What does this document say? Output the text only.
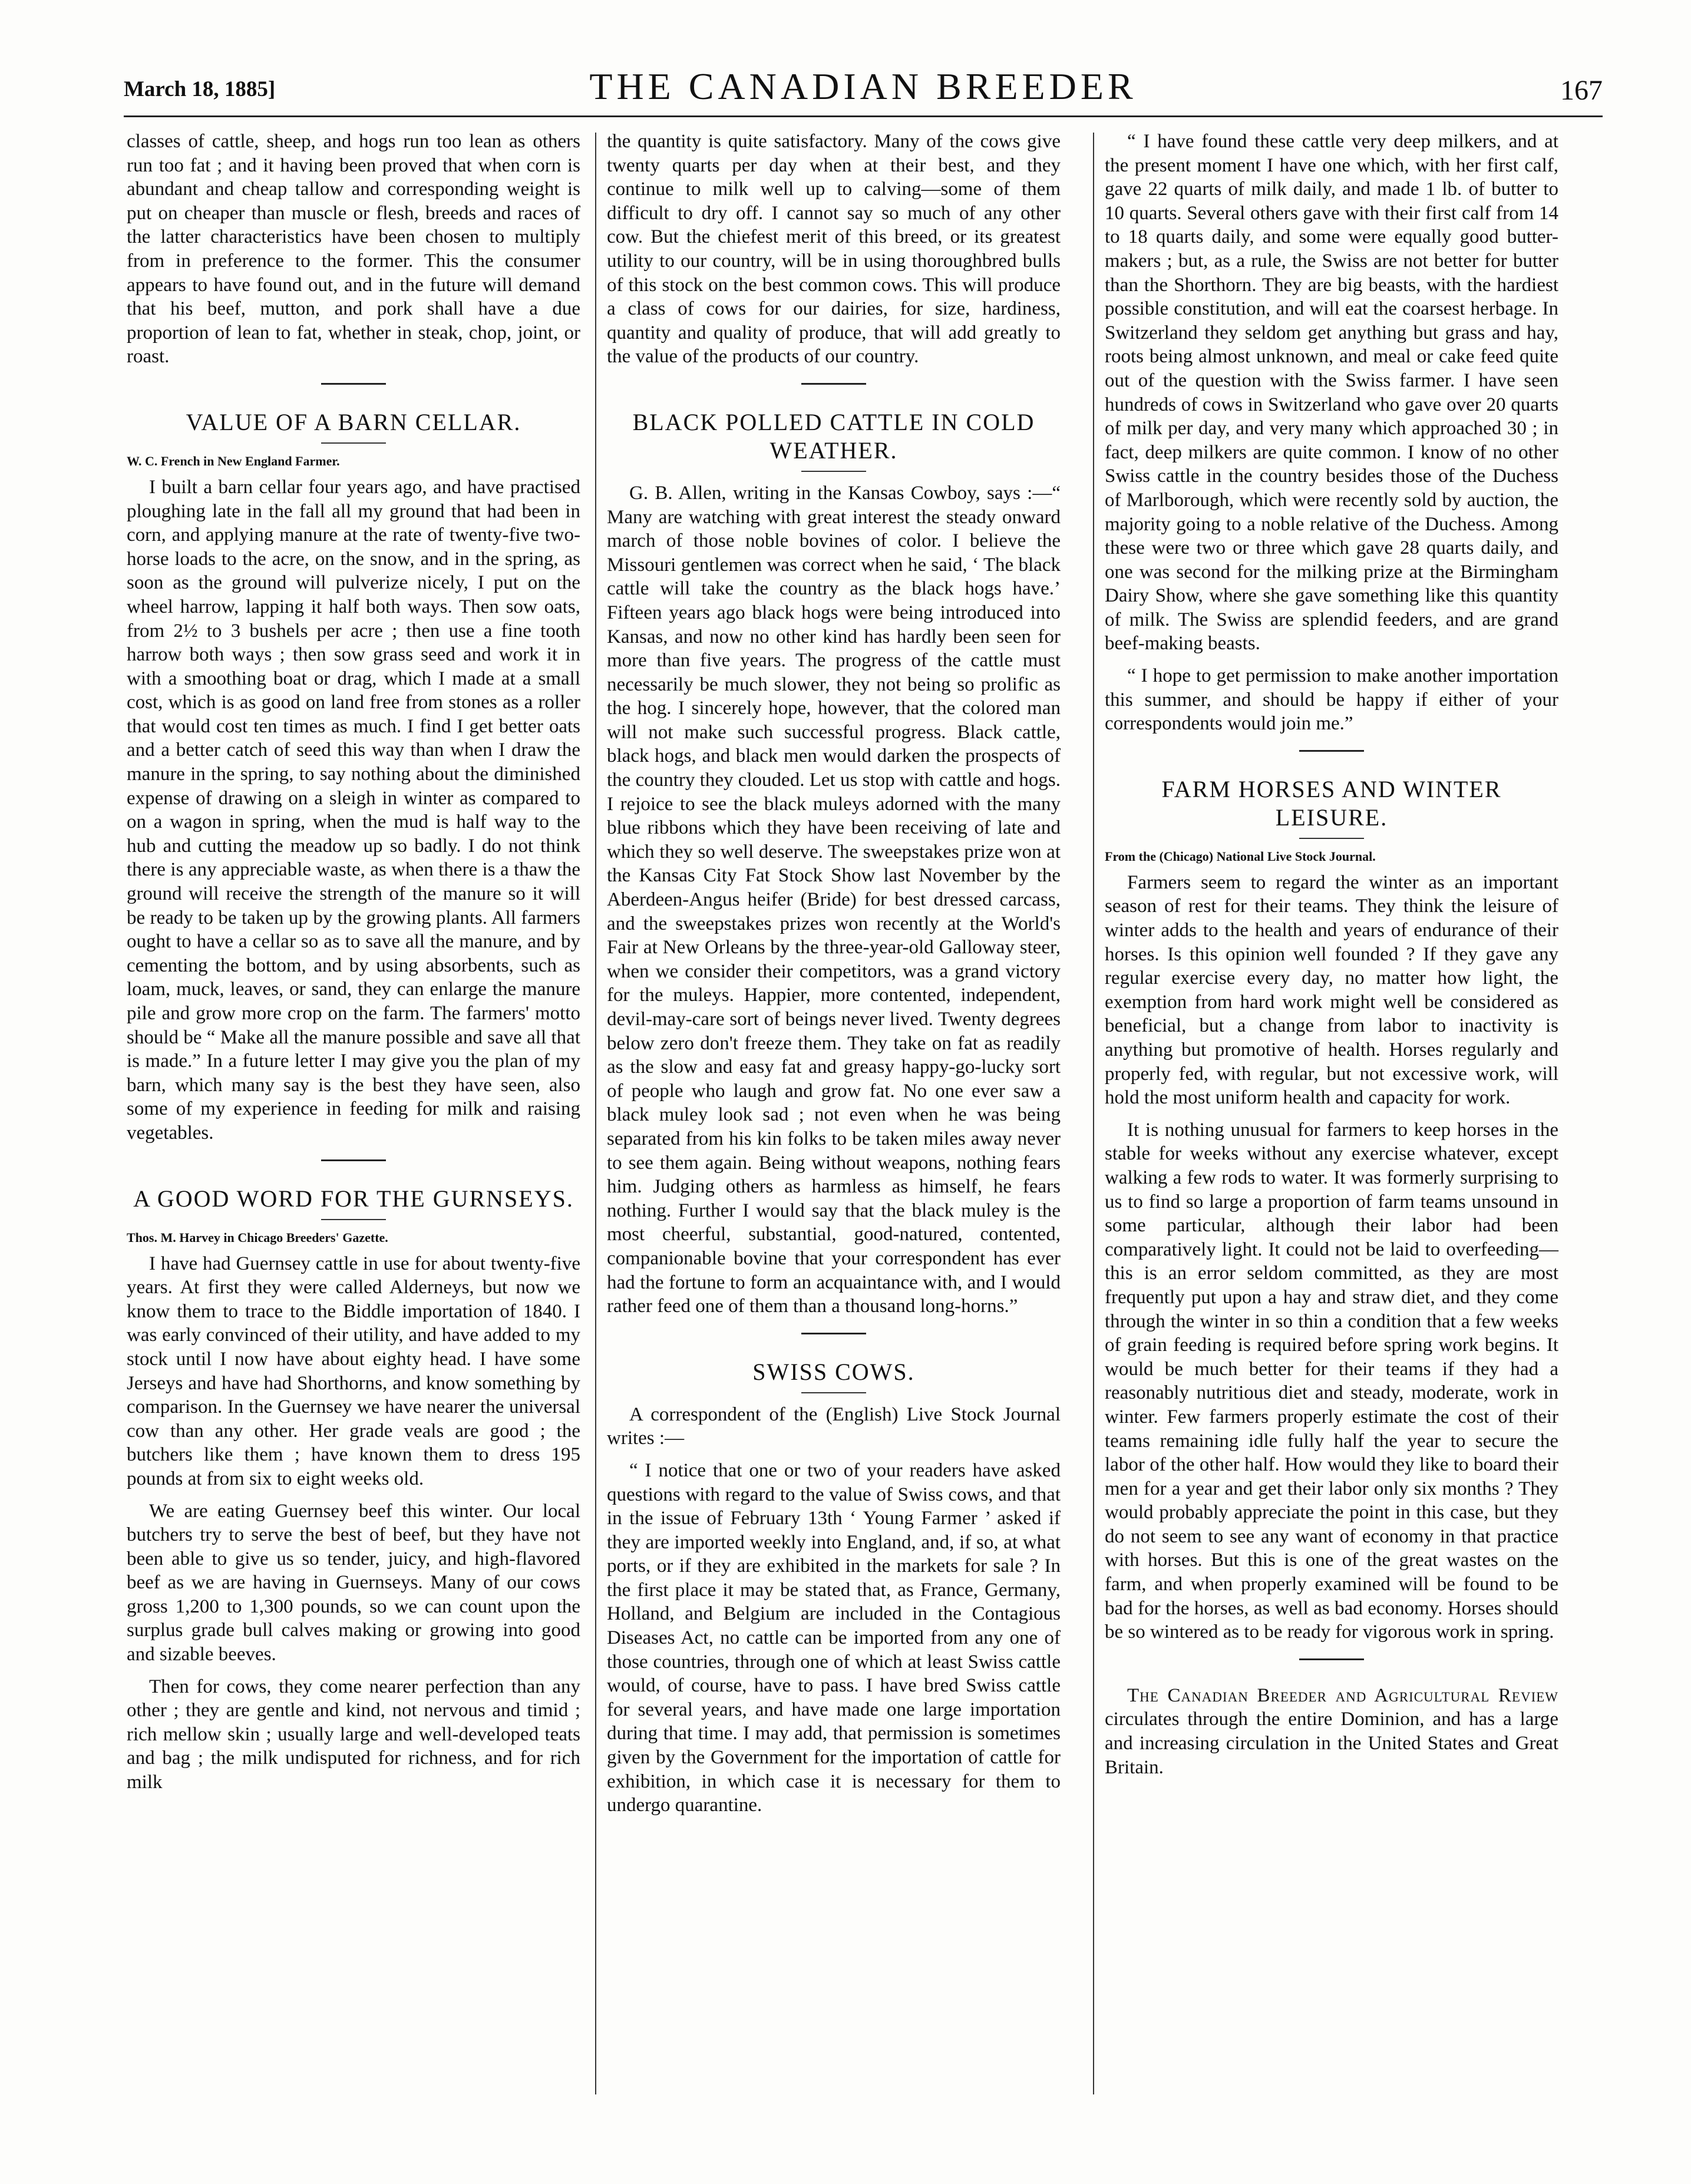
March 18, 1885]	THE CANADIAN BREEDER	167

classes of cattle, sheep, and hogs run too lean as others run too fat ; and it having been proved that when corn is abundant and cheap tallow and corresponding weight is put on cheaper than muscle or flesh, breeds and races of the latter characteristics have been chosen to multiply from in preference to the former. This the consumer appears to have found out, and in the future will demand that his beef, mutton, and pork shall have a due proportion of lean to fat, whether in steak, chop, joint, or roast.

VALUE OF A BARN CELLAR.
W. C. French in New England Farmer.

I built a barn cellar four years ago, and have practised ploughing late in the fall all my ground that had been in corn, and applying manure at the rate of twenty-five two-horse loads to the acre, on the snow, and in the spring, as soon as the ground will pulverize nicely, I put on the wheel harrow, lapping it half both ways. Then sow oats, from 2½ to 3 bushels per acre ; then use a fine tooth harrow both ways ; then sow grass seed and work it in with a smoothing boat or drag, which I made at a small cost, which is as good on land free from stones as a roller that would cost ten times as much. I find I get better oats and a better catch of seed this way than when I draw the manure in the spring, to say nothing about the diminished expense of drawing on a sleigh in winter as compared to on a wagon in spring, when the mud is half way to the hub and cutting the meadow up so badly. I do not think there is any appreciable waste, as when there is a thaw the ground will receive the strength of the manure so it will be ready to be taken up by the growing plants. All farmers ought to have a cellar so as to save all the manure, and by cementing the bottom, and by using absorbents, such as loam, muck, leaves, or sand, they can enlarge the manure pile and grow more crop on the farm. The farmers' motto should be “ Make all the manure possible and save all that is made.” In a future letter I may give you the plan of my barn, which many say is the best they have seen, also some of my experience in feeding for milk and raising vegetables.

A GOOD WORD FOR THE GURNSEYS.
Thos. M. Harvey in Chicago Breeders' Gazette.

I have had Guernsey cattle in use for about twenty-five years. At first they were called Alderneys, but now we know them to trace to the Biddle importation of 1840. I was early convinced of their utility, and have added to my stock until I now have about eighty head. I have some Jerseys and have had Shorthorns, and know something by comparison. In the Guernsey we have nearer the universal cow than any other. Her grade veals are good ; the butchers like them ; have known them to dress 195 pounds at from six to eight weeks old.

We are eating Guernsey beef this winter. Our local butchers try to serve the best of beef, but they have not been able to give us so tender, juicy, and high-flavored beef as we are having in Guernseys. Many of our cows gross 1,200 to 1,300 pounds, so we can count upon the surplus grade bull calves making or growing into good and sizable beeves.

Then for cows, they come nearer perfection than any other ; they are gentle and kind, not nervous and timid ; rich mellow skin ; usually large and well-developed teats and bag ; the milk undisputed for richness, and for rich milk

the quantity is quite satisfactory. Many of the cows give twenty quarts per day when at their best, and they continue to milk well up to calving—some of them difficult to dry off. I cannot say so much of any other cow. But the chiefest merit of this breed, or its greatest utility to our country, will be in using thoroughbred bulls of this stock on the best common cows. This will produce a class of cows for our dairies, for size, hardiness, quantity and quality of produce, that will add greatly to the value of the products of our country.

BLACK POLLED CATTLE IN COLD WEATHER.

G. B. Allen, writing in the Kansas Cowboy, says :—“ Many are watching with great interest the steady onward march of those noble bovines of color. I believe the Missouri gentlemen was correct when he said, ‘ The black cattle will take the country as the black hogs have.’ Fifteen years ago black hogs were being introduced into Kansas, and now no other kind has hardly been seen for more than five years. The progress of the cattle must necessarily be much slower, they not being so prolific as the hog. I sincerely hope, however, that the colored man will not make such successful progress. Black cattle, black hogs, and black men would darken the prospects of the country they clouded. Let us stop with cattle and hogs. I rejoice to see the black muleys adorned with the many blue ribbons which they have been receiving of late and which they so well deserve. The sweepstakes prize won at the Kansas City Fat Stock Show last November by the Aberdeen-Angus heifer (Bride) for best dressed carcass, and the sweepstakes prizes won recently at the World's Fair at New Orleans by the three-year-old Galloway steer, when we consider their competitors, was a grand victory for the muleys. Happier, more contented, independent, devil-may-care sort of beings never lived. Twenty degrees below zero don't freeze them. They take on fat as readily as the slow and easy fat and greasy happy-go-lucky sort of people who laugh and grow fat. No one ever saw a black muley look sad ; not even when he was being separated from his kin folks to be taken miles away never to see them again. Being without weapons, nothing fears him. Judging others as harmless as himself, he fears nothing. Further I would say that the black muley is the most cheerful, substantial, good-natured, contented, companionable bovine that your correspondent has ever had the fortune to form an acquaintance with, and I would rather feed one of them than a thousand long-horns.”

SWISS COWS.

A correspondent of the (English) Live Stock Journal writes :—

“ I notice that one or two of your readers have asked questions with regard to the value of Swiss cows, and that in the issue of February 13th ‘ Young Farmer ’ asked if they are imported weekly into England, and, if so, at what ports, or if they are exhibited in the markets for sale ? In the first place it may be stated that, as France, Germany, Holland, and Belgium are included in the Contagious Diseases Act, no cattle can be imported from any one of those countries, through one of which at least Swiss cattle would, of course, have to pass. I have bred Swiss cattle for several years, and have made one large importation during that time. I may add, that permission is sometimes given by the Government for the importation of cattle for exhibition, in which case it is necessary for them to undergo quarantine.

“ I have found these cattle very deep milkers, and at the present moment I have one which, with her first calf, gave 22 quarts of milk daily, and made 1 lb. of butter to 10 quarts. Several others gave with their first calf from 14 to 18 quarts daily, and some were equally good butter-makers ; but, as a rule, the Swiss are not better for butter than the Shorthorn. They are big beasts, with the hardiest possible constitution, and will eat the coarsest herbage. In Switzerland they seldom get anything but grass and hay, roots being almost unknown, and meal or cake feed quite out of the question with the Swiss farmer. I have seen hundreds of cows in Switzerland who gave over 20 quarts of milk per day, and very many which approached 30 ; in fact, deep milkers are quite common. I know of no other Swiss cattle in the country besides those of the Duchess of Marlborough, which were recently sold by auction, the majority going to a noble relative of the Duchess. Among these were two or three which gave 28 quarts daily, and one was second for the milking prize at the Birmingham Dairy Show, where she gave something like this quantity of milk. The Swiss are splendid feeders, and are grand beef-making beasts.

“ I hope to get permission to make another importation this summer, and should be happy if either of your correspondents would join me.”

FARM HORSES AND WINTER LEISURE.
From the (Chicago) National Live Stock Journal.

Farmers seem to regard the winter as an important season of rest for their teams. They think the leisure of winter adds to the health and years of endurance of their horses. Is this opinion well founded ? If they gave any regular exercise every day, no matter how light, the exemption from hard work might well be considered as beneficial, but a change from labor to inactivity is anything but promotive of health. Horses regularly and properly fed, with regular, but not excessive work, will hold the most uniform health and capacity for work.

It is nothing unusual for farmers to keep horses in the stable for weeks without any exercise whatever, except walking a few rods to water. It was formerly surprising to us to find so large a proportion of farm teams unsound in some particular, although their labor had been comparatively light. It could not be laid to overfeeding—this is an error seldom committed, as they are most frequently put upon a hay and straw diet, and they come through the winter in so thin a condition that a few weeks of grain feeding is required before spring work begins. It would be much better for their teams if they had a reasonably nutritious diet and steady, moderate, work in winter. Few farmers properly estimate the cost of their teams remaining idle fully half the year to secure the labor of the other half. How would they like to board their men for a year and get their labor only six months ? They would probably appreciate the point in this case, but they do not seem to see any want of economy in that practice with horses. But this is one of the great wastes on the farm, and when properly examined will be found to be bad for the horses, as well as bad economy. Horses should be so wintered as to be ready for vigorous work in spring.

The Canadian Breeder and Agricultural Review circulates through the entire Dominion, and has a large and increasing circulation in the United States and Great Britain.
